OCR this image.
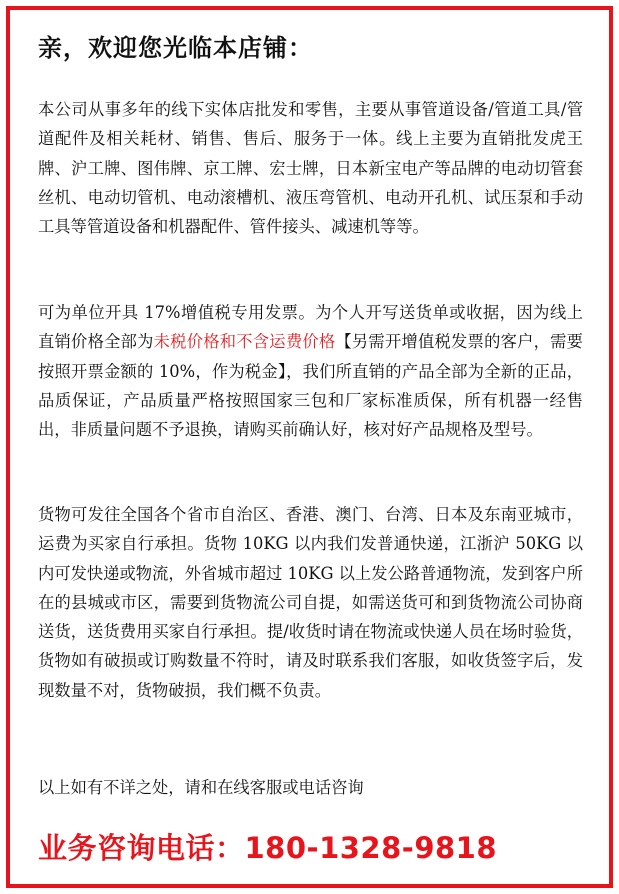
亲，欢迎您光临本店铺：

本公司从事多年的线下实体店批发和零售，主要从事管道设备/管道工具/管道配件及相关耗材、销售、售后、服务于一体。线上主要为直销批发虎王牌、沪工牌、图伟牌、京工牌、宏士牌，日本新宝电产等品牌的电动切管套丝机、电动切管机、电动滚槽机、液压弯管机、电动开孔机、试压泵和手动工具等管道设备和机器配件、管件接头、减速机等等。

可为单位开具 17%增值税专用发票。为个人开写送货单或收据，因为线上直销价格全部为未税价格和不含运费价格【另需开增值税发票的客户，需要按照开票金额的 10%，作为税金】，我们所直销的产品全部为全新的正品，品质保证，产品质量严格按照国家三包和厂家标准质保，所有机器一经售出，非质量问题不予退换，请购买前确认好，核对好产品规格及型号。

货物可发往全国各个省市自治区、香港、澳门、台湾、日本及东南亚城市，运费为买家自行承担。货物 10KG 以内我们发普通快递，江浙沪 50KG 以内可发快递或物流，外省城市超过 10KG 以上发公路普通物流，发到客户所在的县城或市区，需要到货物流公司自提，如需送货可和到货物流公司协商送货，送货费用买家自行承担。提/收货时请在物流或快递人员在场时验货，货物如有破损或订购数量不符时，请及时联系我们客服，如收货签字后，发现数量不对，货物破损，我们概不负责。

以上如有不详之处，请和在线客服或电话咨询

业务咨询电话：180-1328-9818
